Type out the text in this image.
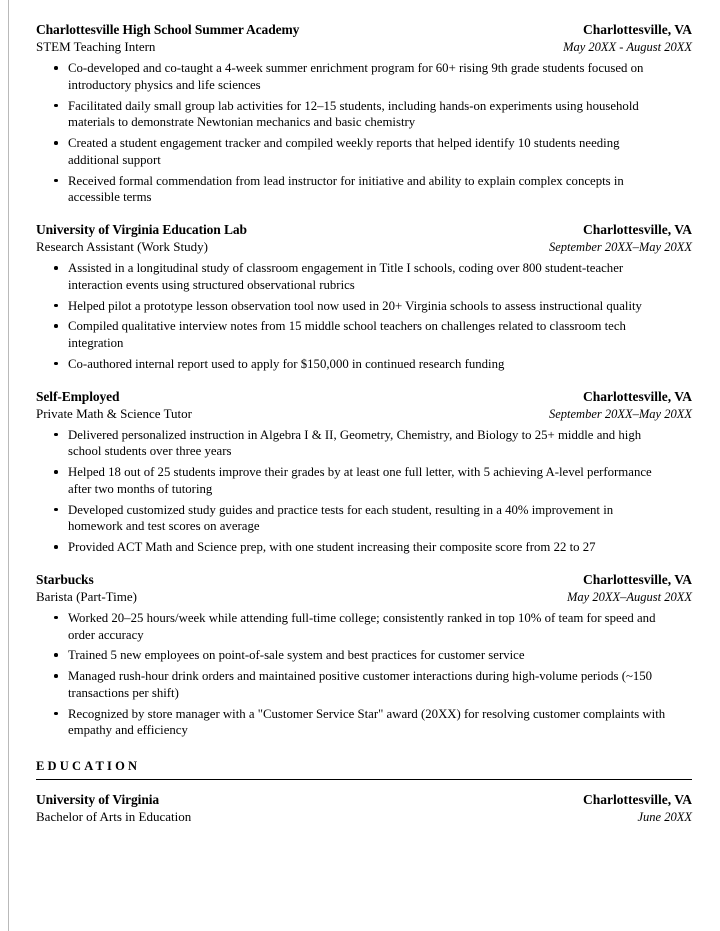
Charlottesville High School Summer Academy	Charlottesville, VA
STEM Teaching Intern	May 20XX - August 20XX
Co-developed and co-taught a 4-week summer enrichment program for 60+ rising 9th grade students focused on introductory physics and life sciences
Facilitated daily small group lab activities for 12–15 students, including hands-on experiments using household materials to demonstrate Newtonian mechanics and basic chemistry
Created a student engagement tracker and compiled weekly reports that helped identify 10 students needing additional support
Received formal commendation from lead instructor for initiative and ability to explain complex concepts in accessible terms
University of Virginia Education Lab	Charlottesville, VA
Research Assistant (Work Study)	September 20XX–May 20XX
Assisted in a longitudinal study of classroom engagement in Title I schools, coding over 800 student-teacher interaction events using structured observational rubrics
Helped pilot a prototype lesson observation tool now used in 20+ Virginia schools to assess instructional quality
Compiled qualitative interview notes from 15 middle school teachers on challenges related to classroom tech integration
Co-authored internal report used to apply for $150,000 in continued research funding
Self-Employed	Charlottesville, VA
Private Math & Science Tutor	September 20XX–May 20XX
Delivered personalized instruction in Algebra I & II, Geometry, Chemistry, and Biology to 25+ middle and high school students over three years
Helped 18 out of 25 students improve their grades by at least one full letter, with 5 achieving A-level performance after two months of tutoring
Developed customized study guides and practice tests for each student, resulting in a 40% improvement in homework and test scores on average
Provided ACT Math and Science prep, with one student increasing their composite score from 22 to 27
Starbucks	Charlottesville, VA
Barista (Part-Time)	May 20XX–August 20XX
Worked 20–25 hours/week while attending full-time college; consistently ranked in top 10% of team for speed and order accuracy
Trained 5 new employees on point-of-sale system and best practices for customer service
Managed rush-hour drink orders and maintained positive customer interactions during high-volume periods (~150 transactions per shift)
Recognized by store manager with a "Customer Service Star" award (20XX) for resolving customer complaints with empathy and efficiency
EDUCATION
University of Virginia	Charlottesville, VA
Bachelor of Arts in Education	June 20XX
